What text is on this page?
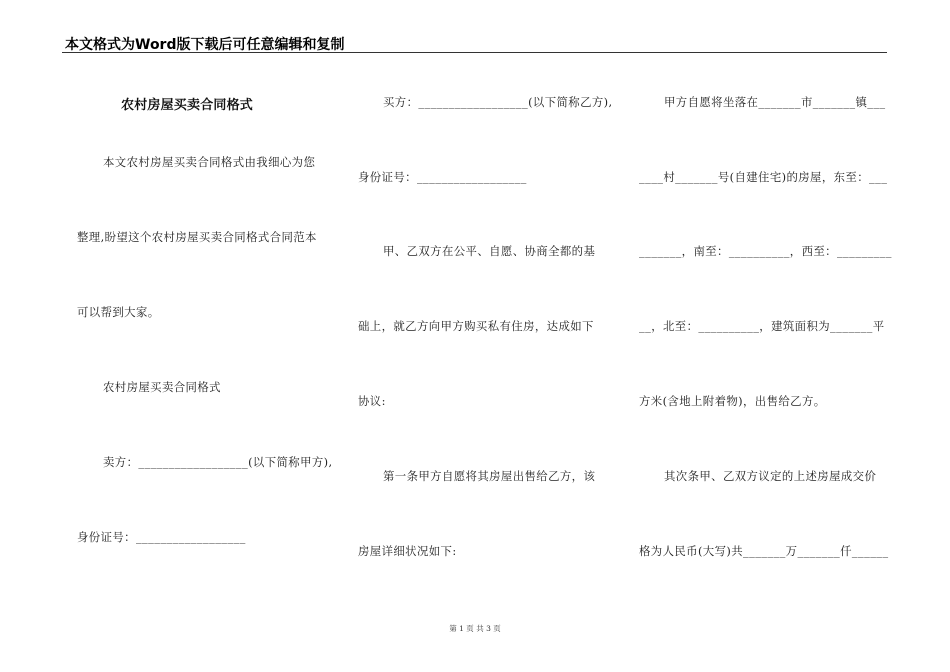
本文格式为Word版下载后可任意编辑和复制
农村房屋买卖合同格式
本文农村房屋买卖合同格式由我细心为您
整理,盼望这个农村房屋买卖合同格式合同范本
可以帮到大家。
农村房屋买卖合同格式
卖方：__________________(以下简称甲方),
身份证号：__________________
买方：__________________(以下简称乙方),
身份证号：__________________
甲、乙双方在公平、自愿、协商全都的基
础上，就乙方向甲方购买私有住房，达成如下
协议:
第一条甲方自愿将其房屋出售给乙方，该
房屋详细状况如下:
甲方自愿将坐落在_______市_______镇___
____村_______号(自建住宅)的房屋，东至：___
_______，南至：__________，西至：_________
__，北至：__________，建筑面积为_______平
方米(含地上附着物)，出售给乙方。
其次条甲、乙双方议定的上述房屋成交价
格为人民币(大写)共_______万_______仟______
第 1 页 共 3 页
